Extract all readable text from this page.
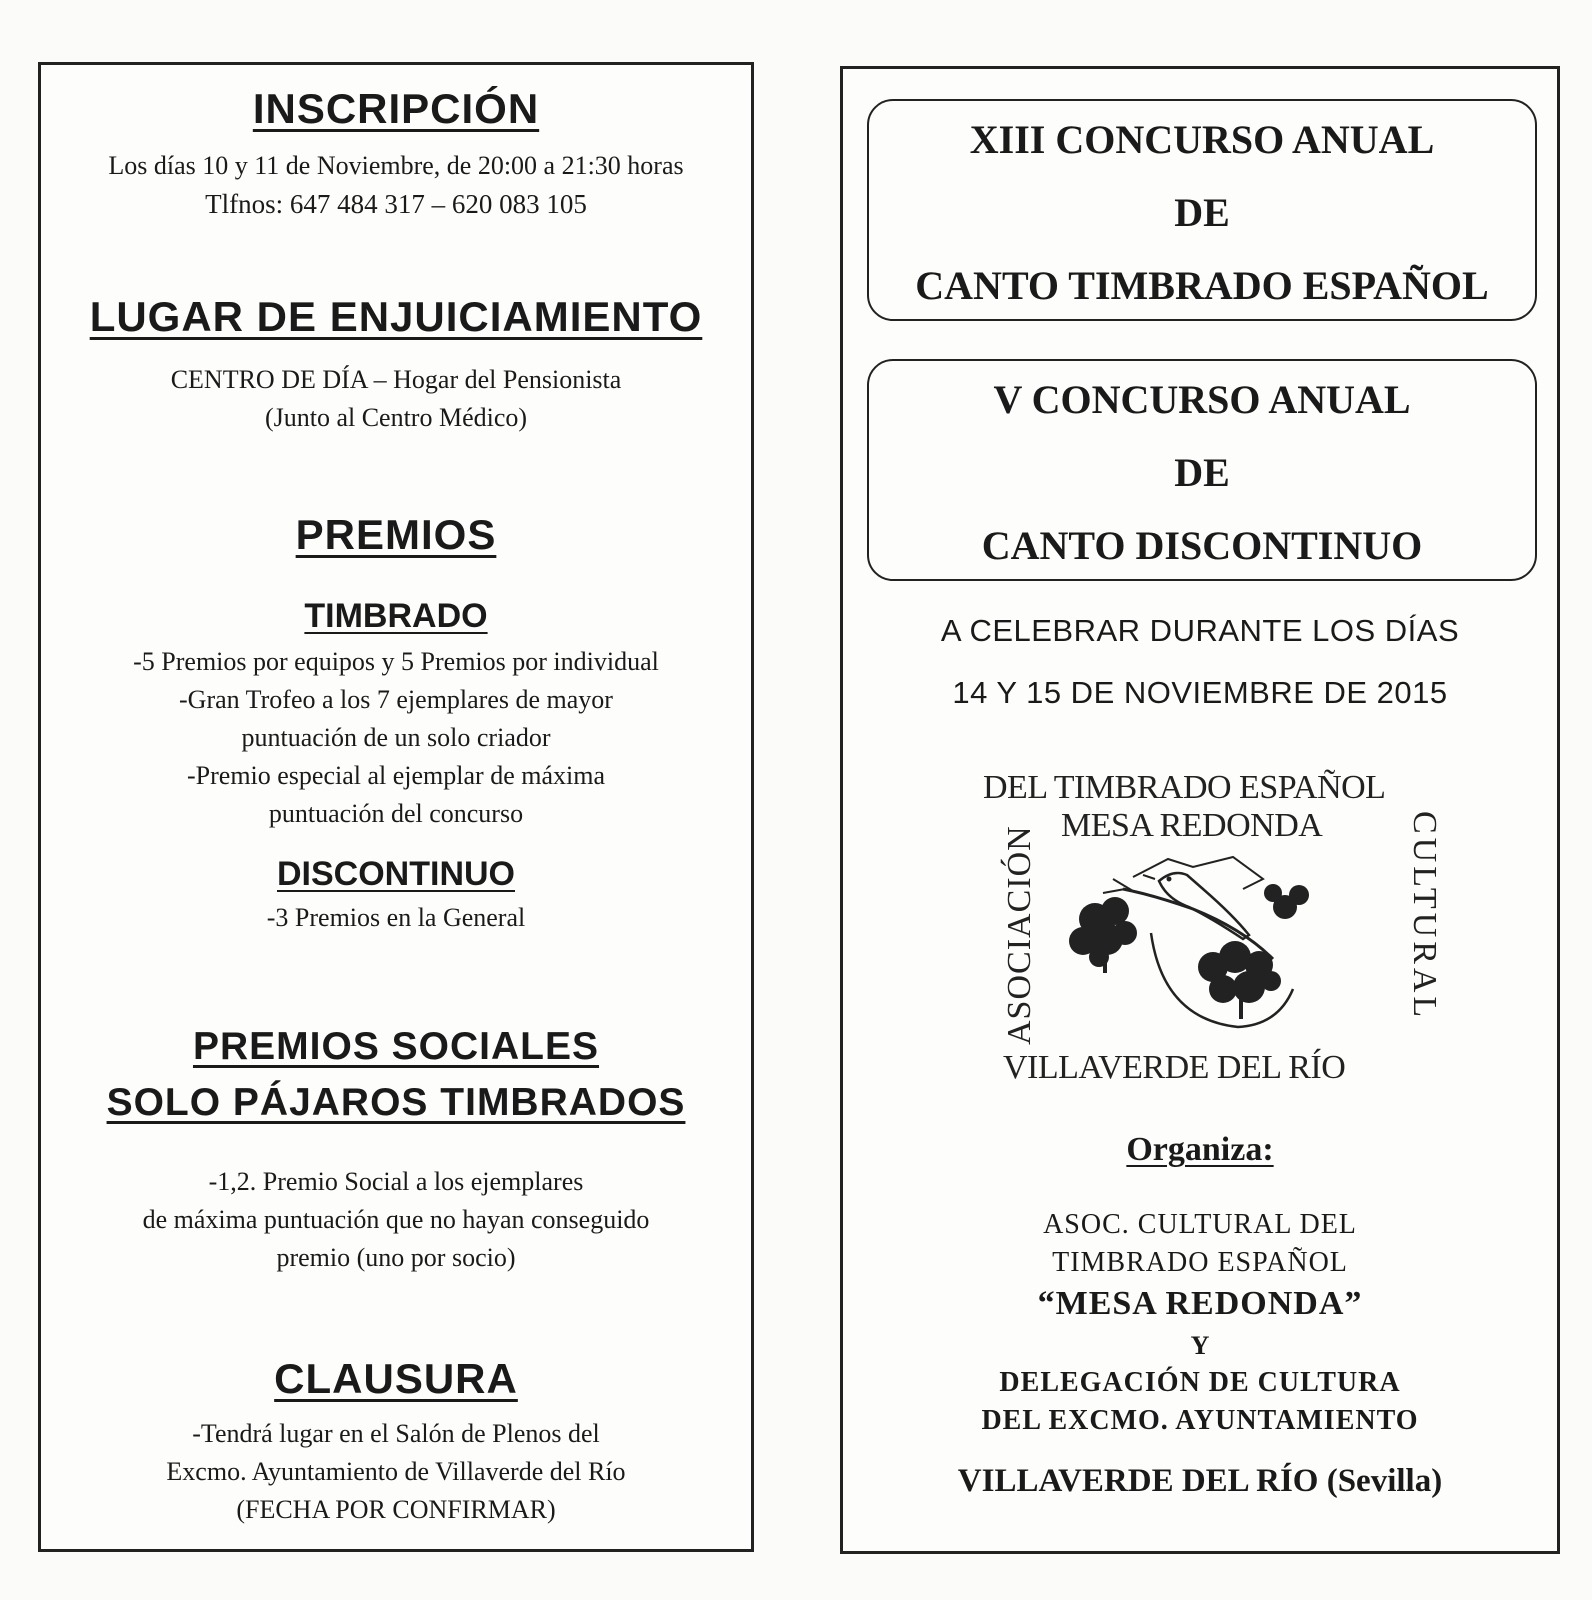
INSCRIPCIÓN
Los días 10 y 11 de Noviembre, de 20:00 a 21:30 horas
Tlfnos: 647 484 317 – 620 083 105
LUGAR DE ENJUICIAMIENTO
CENTRO DE DÍA – Hogar del Pensionista
(Junto al Centro Médico)
PREMIOS
TIMBRADO
-5 Premios por equipos y 5 Premios por individual
-Gran Trofeo a los 7 ejemplares de mayor
puntuación de un solo criador
-Premio especial al ejemplar de máxima
puntuación del concurso
DISCONTINUO
-3 Premios en la General
PREMIOS SOCIALES
SOLO PÁJAROS TIMBRADOS
-1,2. Premio Social a los ejemplares
de máxima puntuación que no hayan conseguido
premio (uno por socio)
CLAUSURA
-Tendrá lugar en el Salón de Plenos del
Excmo. Ayuntamiento de Villaverde del Río
(FECHA POR CONFIRMAR)
XIII CONCURSO ANUAL
DE
CANTO TIMBRADO ESPAÑOL
V CONCURSO ANUAL
DE
CANTO DISCONTINUO
A CELEBRAR DURANTE LOS DÍAS
14 Y 15 DE NOVIEMBRE DE 2015
DEL TIMBRADO ESPAÑOL
MESA REDONDA
ASOCIACIÓN	CULTURAL
VILLAVERDE DEL RÍO
Organiza:
ASOC. CULTURAL DEL
TIMBRADO ESPAÑOL
“MESA REDONDA”
Y
DELEGACIÓN DE CULTURA
DEL EXCMO. AYUNTAMIENTO
VILLAVERDE DEL RÍO (Sevilla)
